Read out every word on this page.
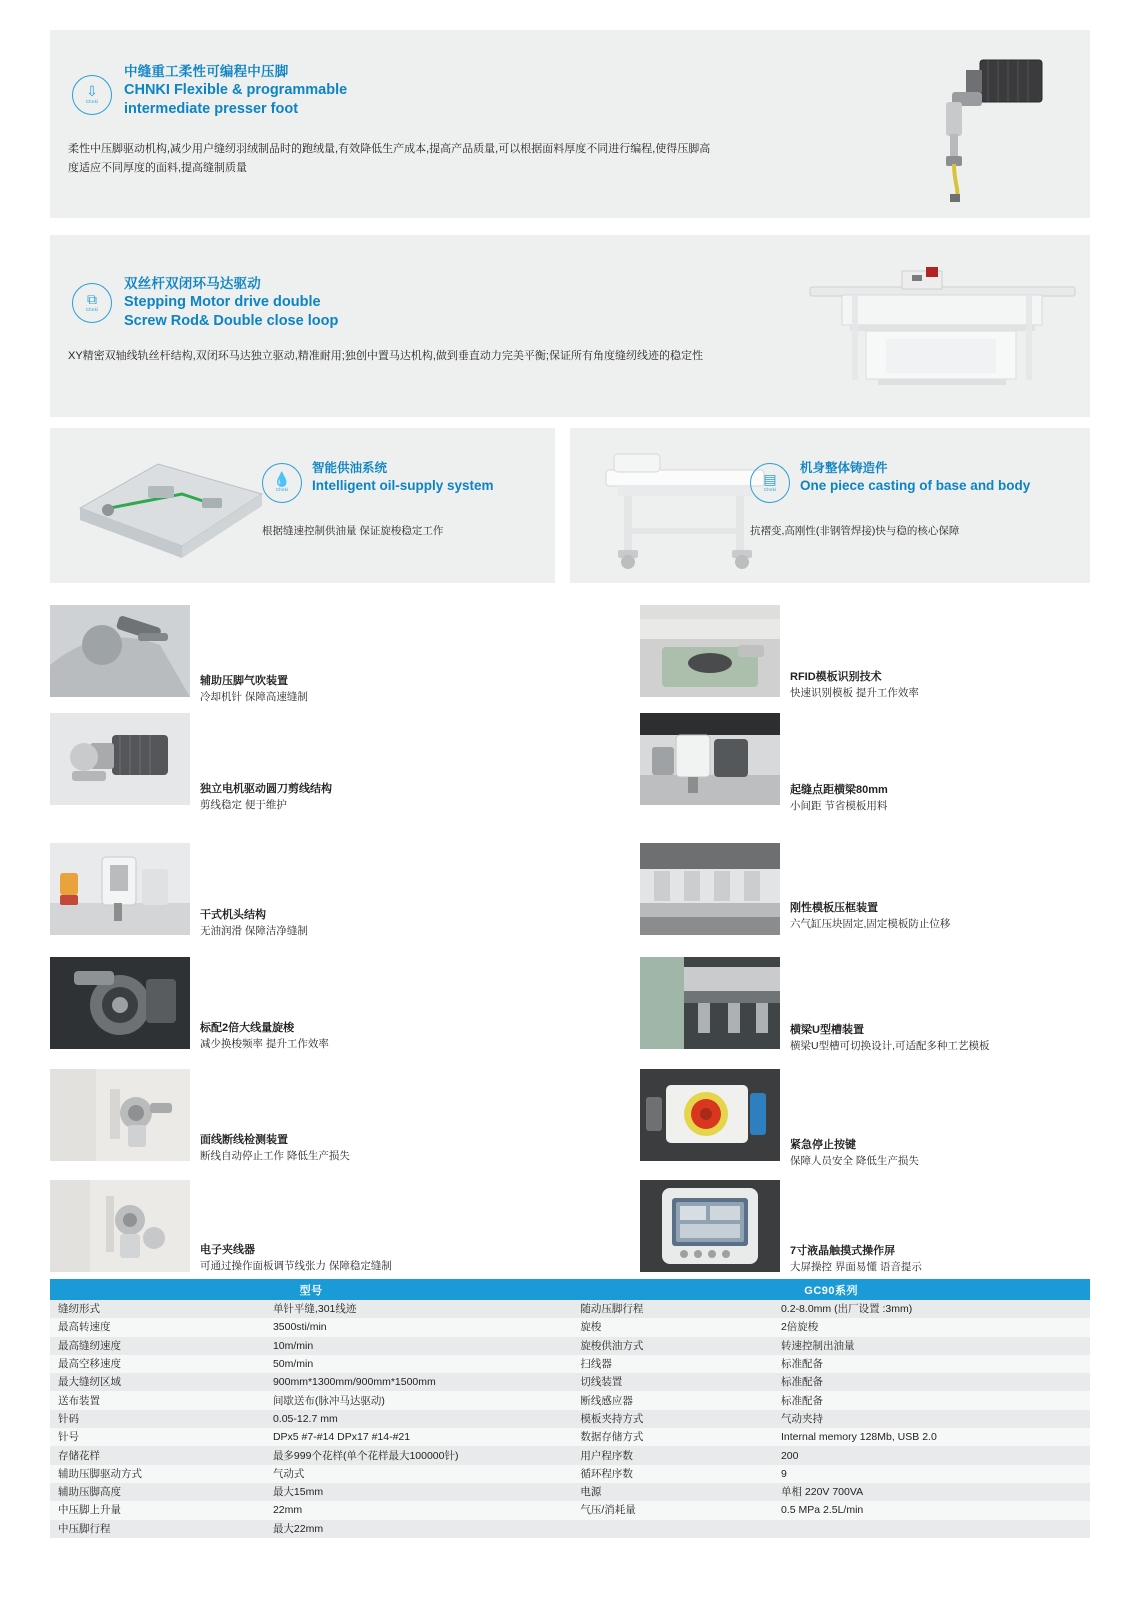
⇩
Chnki
中缝重工柔性可编程中压脚
CHNKI Flexible & programmable
intermediate presser foot
柔性中压脚驱动机构,减少用户缝纫羽绒制品时的跑绒量,有效降低生产成本,提高产品质量,可以根据面料厚度不同进行编程,使得压脚高
度适应不同厚度的面料,提高缝制质量
⧉
Chnki
双丝杆双闭环马达驱动
Stepping Motor drive double
Screw Rod& Double close loop
XY精密双轴线轨丝杆结构,双闭环马达独立驱动,精准耐用;独创中置马达机构,做到垂直动力完美平衡;保证所有角度缝纫线迹的稳定性
💧
Chnki
智能供油系统
Intelligent oil-supply system
根据缝速控制供油量 保证旋梭稳定工作
▤
Chnki
机身整体铸造件
One piece casting of base and body
抗褶变,高刚性(非钢管焊接)快与稳的核心保障
辅助压脚气吹装置
冷却机针 保障高速缝制
独立电机驱动圆刀剪线结构
剪线稳定 便于维护
干式机头结构
无油润滑 保障洁净缝制
标配2倍大线量旋梭
减少换梭频率 提升工作效率
面线断线检测装置
断线自动停止工作 降低生产损失
电子夹线器
可通过操作面板调节线张力 保障稳定缝制
RFID模板识别技术
快速识别模板 提升工作效率
起缝点距横梁80mm
小间距 节省模板用料
刚性模板压框装置
六气缸压块固定,固定模板防止位移
横梁U型槽装置
横梁U型槽可切换设计,可适配多种工艺模板
紧急停止按键
保障人员安全 降低生产损失
7寸液晶触摸式操作屏
大屏操控 界面易懂 语音提示
型号		GC90系列	
缝纫形式	单针平缝,301线迹	随动压脚行程	0.2-8.0mm (出厂设置 :3mm)
最高转速度	3500sti/min	旋梭	2倍旋梭
最高缝纫速度	10m/min	旋梭供油方式	转速控制出油量
最高空移速度	50m/min	扫线器	标准配备
最大缝纫区域	900mm*1300mm/900mm*1500mm	切线装置	标准配备
送布装置	间歇送布(脉冲马达驱动)	断线感应器	标准配备
针码	0.05-12.7 mm	模板夹持方式	气动夹持
针号	DPx5 #7-#14 DPx17 #14-#21	数据存储方式	Internal memory 128Mb, USB 2.0
存储花样	最多999个花样(单个花样最大100000针)	用户程序数	200
辅助压脚驱动方式	气动式	循环程序数	9
辅助压脚高度	最大15mm	电源	单相 220V 700VA
中压脚上升量	22mm	气压/消耗量	0.5 MPa 2.5L/min
中压脚行程	最大22mm		
